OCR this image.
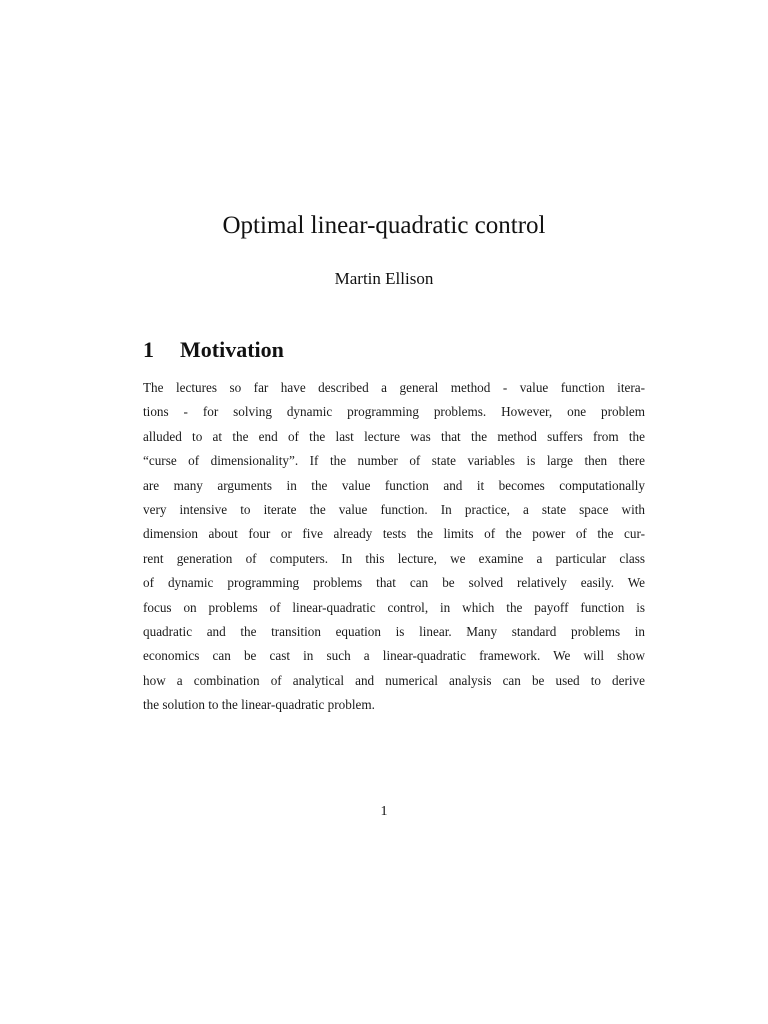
Optimal linear-quadratic control
Martin Ellison
1 Motivation
The lectures so far have described a general method - value function itera-
tions - for solving dynamic programming problems. However, one problem
alluded to at the end of the last lecture was that the method suffers from the
“curse of dimensionality”. If the number of state variables is large then there
are many arguments in the value function and it becomes computationally
very intensive to iterate the value function. In practice, a state space with
dimension about four or five already tests the limits of the power of the cur-
rent generation of computers. In this lecture, we examine a particular class
of dynamic programming problems that can be solved relatively easily. We
focus on problems of linear-quadratic control, in which the payoff function is
quadratic and the transition equation is linear. Many standard problems in
economics can be cast in such a linear-quadratic framework. We will show
how a combination of analytical and numerical analysis can be used to derive
the solution to the linear-quadratic problem.
1
